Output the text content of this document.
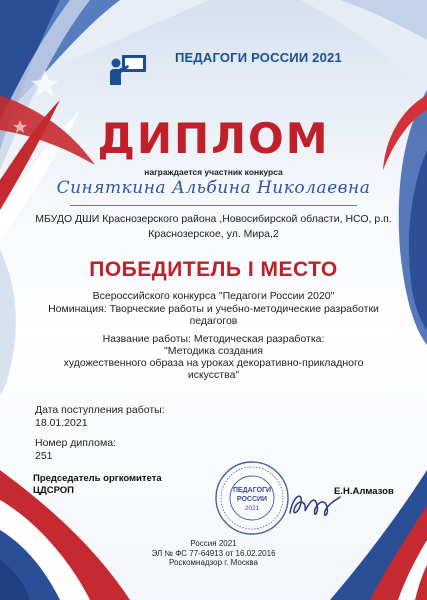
ПЕДАГОГИ РОССИИ 2021
ДИПЛОМ
награждается участник конкурса
Синяткина Альбина Николаевна
МБУДО ДШИ Краснозерского района ,Новосибирской области, НСО, р.п.
Краснозерское, ул. Мира,2
ПОБЕДИТЕЛЬ I МЕСТО
Всероссийского конкурса "Педагоги России 2020"
Номинация: Творческие работы и учебно-методические разработки
педагогов
Название работы: Методическая разработка:
"Методика создания
художественного образа на уроках декоративно-прикладного
искусства"
Дата поступления работы:
18.01.2021
Номер диплома:
251
Председатель оргкомитета
ЦДСРОП	ПЕДАГОГИ
РОССИИ
2021
Е.Н.Алмазов
Россия 2021
ЭЛ № ФС 77-64913 от 16.02.2016
Роскомнадзор г. Москва
